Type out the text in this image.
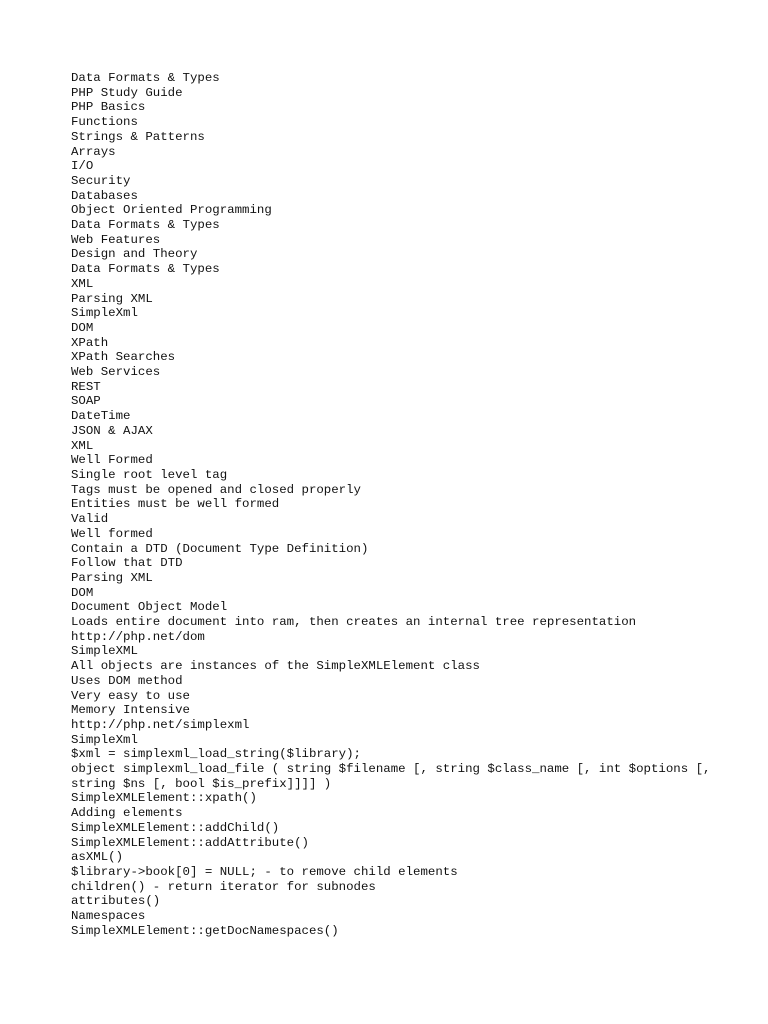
Data Formats & Types
PHP Study Guide
PHP Basics
Functions
Strings & Patterns
Arrays
I/O
Security
Databases
Object Oriented Programming
Data Formats & Types
Web Features
Design and Theory
Data Formats & Types
XML
Parsing XML
SimpleXml
DOM
XPath
XPath Searches
Web Services
REST
SOAP
DateTime
JSON & AJAX
XML
Well Formed
Single root level tag
Tags must be opened and closed properly
Entities must be well formed
Valid
Well formed
Contain a DTD (Document Type Definition)
Follow that DTD
Parsing XML
DOM
Document Object Model
Loads entire document into ram, then creates an internal tree representation
http://php.net/dom
SimpleXML
All objects are instances of the SimpleXMLElement class
Uses DOM method
Very easy to use
Memory Intensive
http://php.net/simplexml
SimpleXml
$xml = simplexml_load_string($library);
object simplexml_load_file ( string $filename [, string $class_name [, int $options [, string $ns [, bool $is_prefix]]]] )
SimpleXMLElement::xpath()
Adding elements
SimpleXMLElement::addChild()
SimpleXMLElement::addAttribute()
asXML()
$library->book[0] = NULL; - to remove child elements
children() - return iterator for subnodes
attributes()
Namespaces
SimpleXMLElement::getDocNamespaces()
